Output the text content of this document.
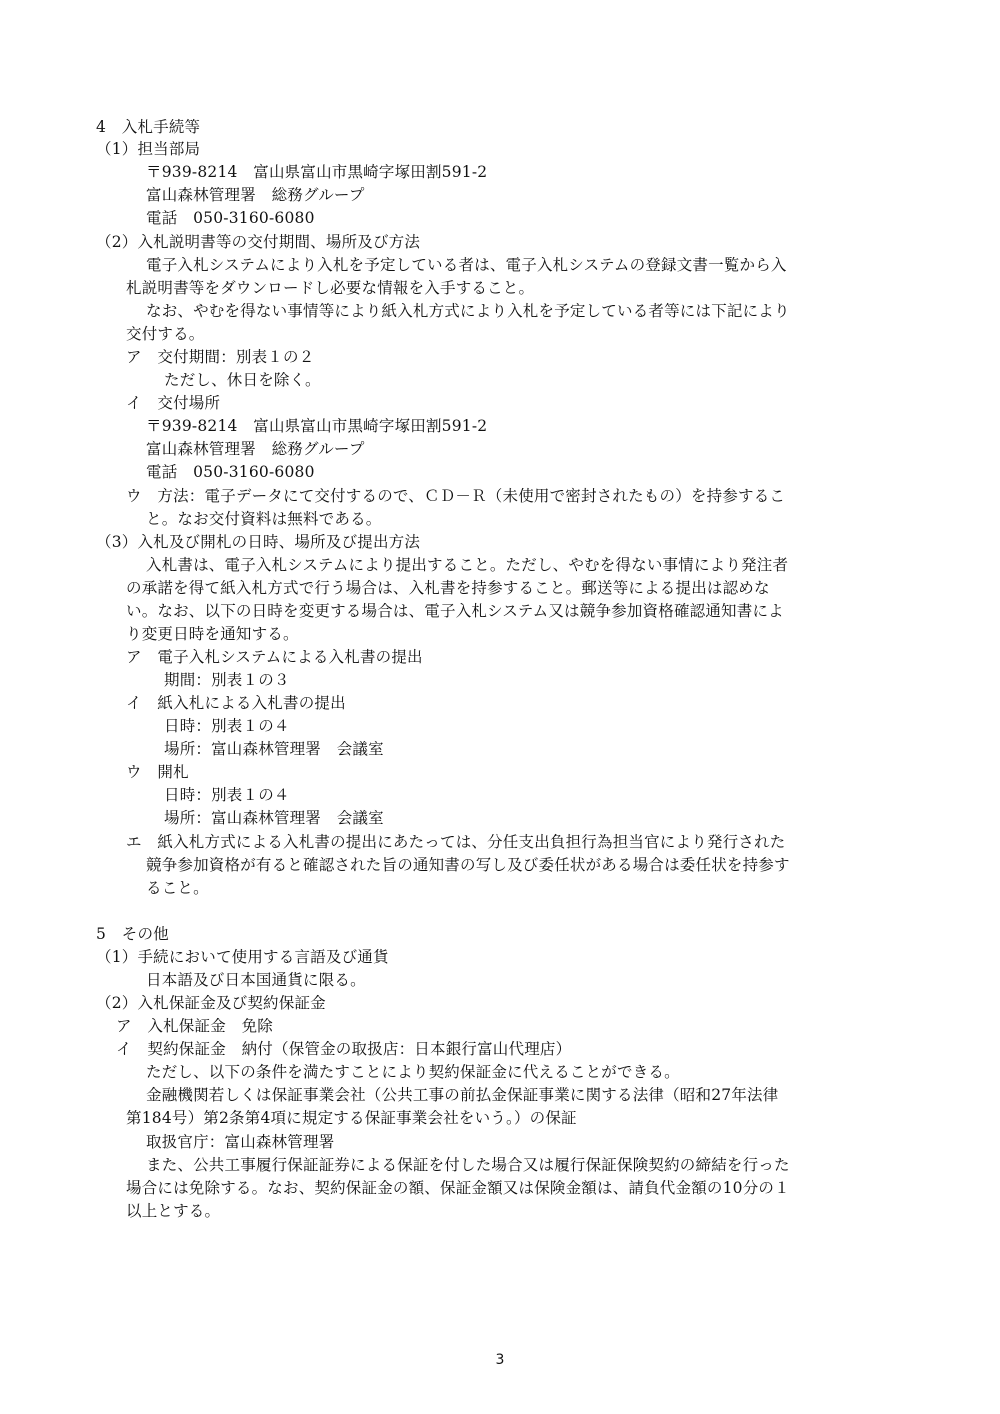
4　入札手続等
（1）担当部局
〒939-8214　富山県富山市黒崎字塚田割591-2
富山森林管理署　総務グループ
電話　050-3160-6080
（2）入札説明書等の交付期間、場所及び方法
電子入札システムにより入札を予定している者は、電子入札システムの登録文書一覧から入
札説明書等をダウンロードし必要な情報を入手すること。
なお、やむを得ない事情等により紙入札方式により入札を予定している者等には下記により
交付する。
ア　交付期間：別表１の２
ただし、休日を除く。
イ　交付場所
〒939-8214　富山県富山市黒崎字塚田割591-2
富山森林管理署　総務グループ
電話　050-3160-6080
ウ　方法：電子データにて交付するので、ＣＤ－Ｒ（未使用で密封されたもの）を持参するこ
と。なお交付資料は無料である。
（3）入札及び開札の日時、場所及び提出方法
入札書は、電子入札システムにより提出すること。ただし、やむを得ない事情により発注者
の承諾を得て紙入札方式で行う場合は、入札書を持参すること。郵送等による提出は認めな
い。なお、以下の日時を変更する場合は、電子入札システム又は競争参加資格確認通知書によ
り変更日時を通知する。
ア　電子入札システムによる入札書の提出
期間：別表１の３
イ　紙入札による入札書の提出
日時：別表１の４
場所：富山森林管理署　会議室
ウ　開札
日時：別表１の４
場所：富山森林管理署　会議室
エ　紙入札方式による入札書の提出にあたっては、分任支出負担行為担当官により発行された
競争参加資格が有ると確認された旨の通知書の写し及び委任状がある場合は委任状を持参す
ること。
5　その他
（1）手続において使用する言語及び通貨
日本語及び日本国通貨に限る。
（2）入札保証金及び契約保証金
ア　入札保証金　免除
イ　契約保証金　納付（保管金の取扱店：日本銀行富山代理店）
ただし、以下の条件を満たすことにより契約保証金に代えることができる。
金融機関若しくは保証事業会社（公共工事の前払金保証事業に関する法律（昭和27年法律
第184号）第2条第4項に規定する保証事業会社をいう。）の保証
取扱官庁：富山森林管理署
また、公共工事履行保証証券による保証を付した場合又は履行保証保険契約の締結を行った
場合には免除する。なお、契約保証金の額、保証金額又は保険金額は、請負代金額の10分の１
以上とする。
3
